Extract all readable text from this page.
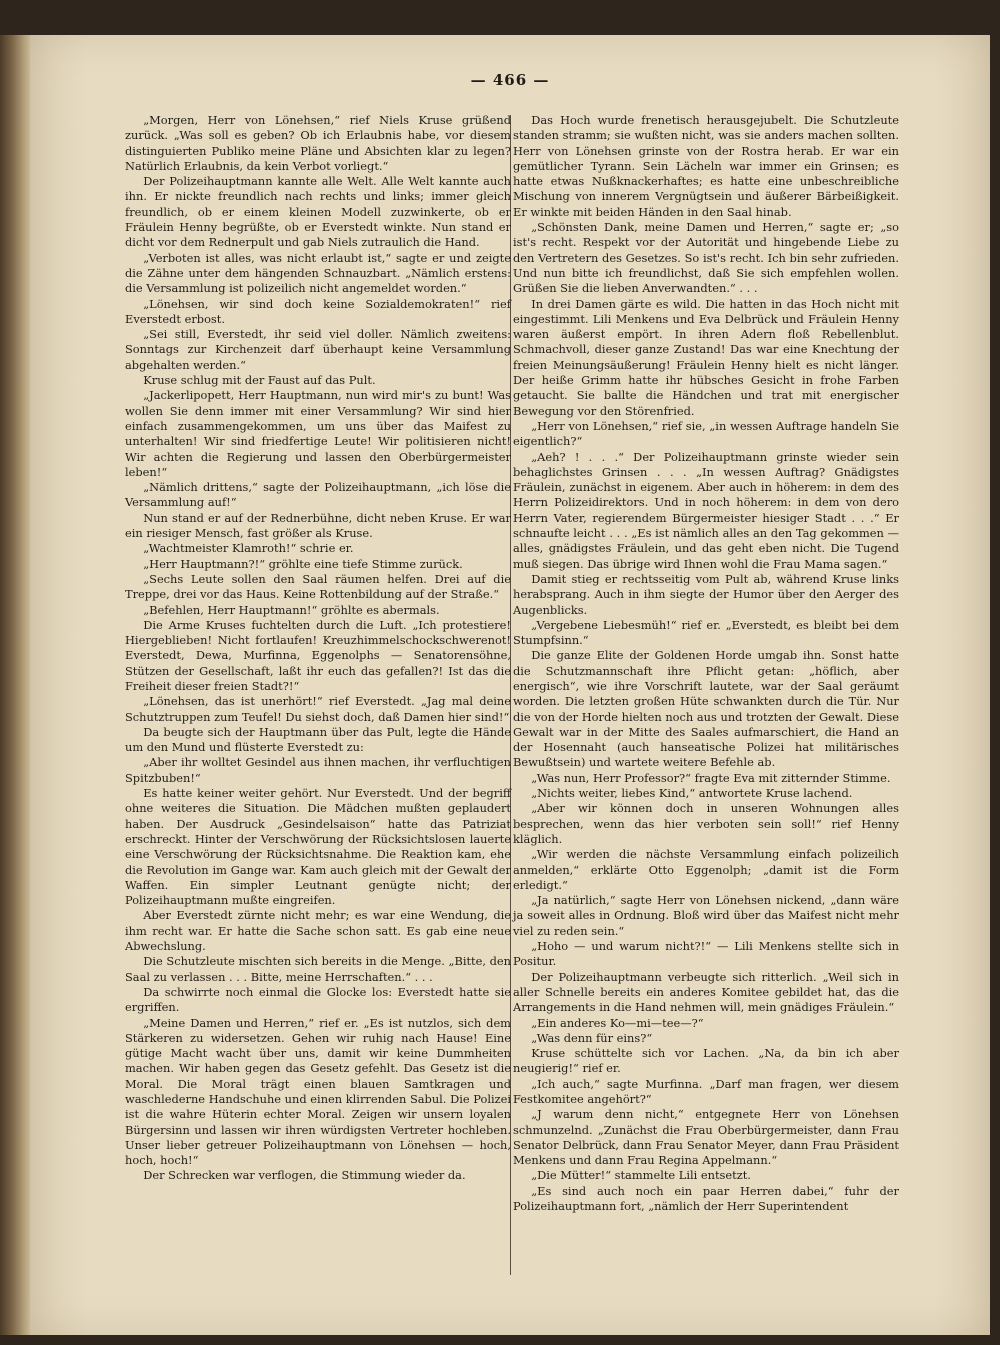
— 466 —

„Morgen, Herr von Lönehsen,“ rief Niels Kruse grüßend zurück. „Was soll es geben? Ob ich Erlaubnis habe, vor diesem distinguierten Publiko meine Pläne und Absichten klar zu legen? Natürlich Erlaubnis, da kein Verbot vorliegt.“

Der Polizeihauptmann kannte alle Welt. Alle Welt kannte auch ihn. Er nickte freundlich nach rechts und links; immer gleich freundlich, ob er einem kleinen Modell zuzwinkerte, ob er Fräulein Henny begrüßte, ob er Everstedt winkte. Nun stand er dicht vor dem Rednerpult und gab Niels zutraulich die Hand.

„Verboten ist alles, was nicht erlaubt ist,“ sagte er und zeigte die Zähne unter dem hängenden Schnauzbart. „Nämlich erstens: die Versammlung ist polizeilich nicht angemeldet worden.“

„Lönehsen, wir sind doch keine Sozialdemokraten!“ rief Everstedt erbost.

„Sei still, Everstedt, ihr seid viel doller. Nämlich zweitens: Sonntags zur Kirchenzeit darf überhaupt keine Versammlung abgehalten werden.“

Kruse schlug mit der Faust auf das Pult.

„Jackerlipopett, Herr Hauptmann, nun wird mir's zu bunt! Was wollen Sie denn immer mit einer Versammlung? Wir sind hier einfach zusammengekommen, um uns über das Maifest zu unterhalten! Wir sind friedfertige Leute! Wir politisieren nicht! Wir achten die Regierung und lassen den Oberbürgermeister leben!“

„Nämlich drittens,“ sagte der Polizeihauptmann, „ich löse die Versammlung auf!“

Nun stand er auf der Rednerbühne, dicht neben Kruse. Er war ein riesiger Mensch, fast größer als Kruse.

„Wachtmeister Klamroth!“ schrie er.

„Herr Hauptmann?!“ gröhlte eine tiefe Stimme zurück.

„Sechs Leute sollen den Saal räumen helfen. Drei auf die Treppe, drei vor das Haus. Keine Rottenbildung auf der Straße.“

„Befehlen, Herr Hauptmann!“ gröhlte es abermals.

Die Arme Kruses fuchtelten durch die Luft. „Ich protestiere! Hiergeblieben! Nicht fortlaufen! Kreuzhimmelschockschwerenot! Everstedt, Dewa, Murfinna, Eggenolphs — Senatorensöhne, Stützen der Gesellschaft, laßt ihr euch das gefallen?! Ist das die Freiheit dieser freien Stadt?!“

„Lönehsen, das ist unerhört!“ rief Everstedt. „Jag mal deine Schutztruppen zum Teufel! Du siehst doch, daß Damen hier sind!“

Da beugte sich der Hauptmann über das Pult, legte die Hände um den Mund und flüsterte Everstedt zu:

„Aber ihr wolltet Gesindel aus ihnen machen, ihr verfluchtigen Spitzbuben!“

Es hatte keiner weiter gehört. Nur Everstedt. Und der begriff ohne weiteres die Situation. Die Mädchen mußten geplaudert haben. Der Ausdruck „Gesindelsaison“ hatte das Patriziat erschreckt. Hinter der Verschwörung der Rücksichtslosen lauerte eine Verschwörung der Rücksichtsnahme. Die Reaktion kam, ehe die Revolution im Gange war. Kam auch gleich mit der Gewalt der Waffen. Ein simpler Leutnant genügte nicht; der Polizeihauptmann mußte eingreifen.

Aber Everstedt zürnte nicht mehr; es war eine Wendung, die ihm recht war. Er hatte die Sache schon satt. Es gab eine neue Abwechslung.

Die Schutzleute mischten sich bereits in die Menge. „Bitte, den Saal zu verlassen . . . Bitte, meine Herrschaften.“ . . .

Da schwirrte noch einmal die Glocke los: Everstedt hatte sie ergriffen.

„Meine Damen und Herren,“ rief er. „Es ist nutzlos, sich dem Stärkeren zu widersetzen. Gehen wir ruhig nach Hause! Eine gütige Macht wacht über uns, damit wir keine Dummheiten machen. Wir haben gegen das Gesetz gefehlt. Das Gesetz ist die Moral. Die Moral trägt einen blauen Samtkragen und waschlederne Handschuhe und einen klirrenden Sabul. Die Polizei ist die wahre Hüterin echter Moral. Zeigen wir unsern loyalen Bürgersinn und lassen wir ihren würdigsten Vertreter hochleben. Unser lieber getreuer Polizeihauptmann von Lönehsen — hoch, hoch, hoch!“

Der Schrecken war verflogen, die Stimmung wieder da.

Das Hoch wurde frenetisch herausgejubelt. Die Schutzleute standen stramm; sie wußten nicht, was sie anders machen sollten. Herr von Lönehsen grinste von der Rostra herab. Er war ein gemütlicher Tyrann. Sein Lächeln war immer ein Grinsen; es hatte etwas Nußknackerhaftes; es hatte eine unbeschreibliche Mischung von innerem Vergnügtsein und äußerer Bärbeißigkeit. Er winkte mit beiden Händen in den Saal hinab.

„Schönsten Dank, meine Damen und Herren,“ sagte er; „so ist's recht. Respekt vor der Autorität und hingebende Liebe zu den Vertretern des Gesetzes. So ist's recht. Ich bin sehr zufrieden. Und nun bitte ich freundlichst, daß Sie sich empfehlen wollen. Grüßen Sie die lieben Anverwandten.“ . . .

In drei Damen gärte es wild. Die hatten in das Hoch nicht mit eingestimmt. Lili Menkens und Eva Delbrück und Fräulein Henny waren äußerst empört. In ihren Adern floß Rebellenblut. Schmachvoll, dieser ganze Zustand! Das war eine Knechtung der freien Meinungsäußerung! Fräulein Henny hielt es nicht länger. Der heiße Grimm hatte ihr hübsches Gesicht in frohe Farben getaucht. Sie ballte die Händchen und trat mit energischer Bewegung vor den Störenfried.

„Herr von Lönehsen,“ rief sie, „in wessen Auftrage handeln Sie eigentlich?“

„Aeh? ! . . .“ Der Polizeihauptmann grinste wieder sein behaglichstes Grinsen . . . „In wessen Auftrag? Gnädigstes Fräulein, zunächst in eigenem. Aber auch in höherem: in dem des Herrn Polizeidirektors. Und in noch höherem: in dem von dero Herrn Vater, regierendem Bürgermeister hiesiger Stadt . . .“ Er schnaufte leicht . . . „Es ist nämlich alles an den Tag gekommen — alles, gnädigstes Fräulein, und das geht eben nicht. Die Tugend muß siegen. Das übrige wird Ihnen wohl die Frau Mama sagen.“

Damit stieg er rechtsseitig vom Pult ab, während Kruse links herabsprang. Auch in ihm siegte der Humor über den Aerger des Augenblicks.

„Vergebene Liebesmüh!“ rief er. „Everstedt, es bleibt bei dem Stumpfsinn.“

Die ganze Elite der Goldenen Horde umgab ihn. Sonst hatte die Schutzmannschaft ihre Pflicht getan: „höflich, aber energisch“, wie ihre Vorschrift lautete, war der Saal geräumt worden. Die letzten großen Hüte schwankten durch die Tür. Nur die von der Horde hielten noch aus und trotzten der Gewalt. Diese Gewalt war in der Mitte des Saales aufmarschiert, die Hand an der Hosennaht (auch hanseatische Polizei hat militärisches Bewußtsein) und wartete weitere Befehle ab.

„Was nun, Herr Professor?“ fragte Eva mit zitternder Stimme.

„Nichts weiter, liebes Kind,“ antwortete Kruse lachend.

„Aber wir können doch in unseren Wohnungen alles besprechen, wenn das hier verboten sein soll!“ rief Henny kläglich.

„Wir werden die nächste Versammlung einfach polizeilich anmelden,“ erklärte Otto Eggenolph; „damit ist die Form erledigt.“

„Ja natürlich,“ sagte Herr von Lönehsen nickend, „dann wäre ja soweit alles in Ordnung. Bloß wird über das Maifest nicht mehr viel zu reden sein.“

„Hoho — und warum nicht?!“ — Lili Menkens stellte sich in Positur.

Der Polizeihauptmann verbeugte sich ritterlich. „Weil sich in aller Schnelle bereits ein anderes Komitee gebildet hat, das die Arrangements in die Hand nehmen will, mein gnädiges Fräulein.“

„Ein anderes Ko—mi—tee—?“

„Was denn für eins?“

Kruse schüttelte sich vor Lachen. „Na, da bin ich aber neugierig!“ rief er.

„Ich auch,“ sagte Murfinna. „Darf man fragen, wer diesem Festkomitee angehört?“

„J warum denn nicht,“ entgegnete Herr von Lönehsen schmunzelnd. „Zunächst die Frau Oberbürgermeister, dann Frau Senator Delbrück, dann Frau Senator Meyer, dann Frau Präsident Menkens und dann Frau Regina Appelmann.“

„Die Mütter!“ stammelte Lili entsetzt.

„Es sind auch noch ein paar Herren dabei,“ fuhr der Polizeihauptmann fort, „nämlich der Herr Superintendent
